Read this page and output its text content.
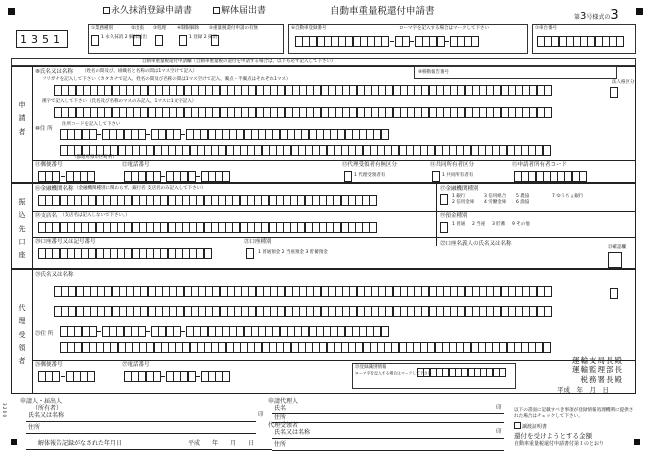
永久抹消登録申請書	解体届出書	自動車重量税還付申請書
第3号様式の3
1351
①業務種別	②出張 ③処理 ④制限解除 ⑤重量税還付申請の有無
1 永久抹消 2 解体届出	1 登録 2 抹消
⑥自動車登録番号	ローマ字を記入する場合はマークして下さい	⑦車台番号
自動車重量税還付申請欄（自動車重量税の還付を申請する場合は、以下も必ず記入して下さい）
申
請
者
⑧氏名又は名称 （姓名の間及び、組織名と名称の間は1マス空けて記入）
フリガナを記入して下さい（カタカナで記入、姓名の間及び名称の間は1マス空けて記入、濁点・半濁点はそれぞれ1マス）
漢字で記入して下さい（氏名及び名称のマスのみ記入、1マスに1文字記入）
⑨移動報告番号
法人格区分
⑩住 所
住所コードを記入して下さい
（都道府県市区町村）
⑪郵便番号	⑫電話番号	⑬代理受領者有無区分
1 代理受領者有
⑭共同所有者区分
1 共同所有者有
⑮申請者所有者コード
振
込
先
口
座
⑯金融機関名称 （金融機関種別に関わらず、銀行名 支店名のみ記入して下さい）	⑰金融機関種別
1 銀行
2 信用金庫
3 信用組合
4 労働金庫
5 農協
6 漁協
7 ゆうちょ銀行
⑱支店名 （支店名は記入しないで下さい。）	⑲預金種別
1 普通 2 当座 3 貯蓄 9 その他
⑳口座番号又は記号番号	㉑口座種別
1 普通預金 2 当座預金 3 貯蓄預金
㉒口座名義人の氏名又は名称
㉓確認欄
代
理
受
領
者
㉔氏名又は名称
㉕住 所
㉖郵便番号	㉗電話番号	㉘登録識別情報
ローマ字を記入する場合はマークして下さい
運輸支局長殿
運輸監理部長
税務署長殿
平成　年　月　日
申請人・届出人
（所有者）
氏名又は名称
住所
印
解体報告記録がなされた年月日	平成　　年　　月　　日
3 2 0 0
申請代理人
氏名
住所
代理受領者
氏名又は名称
住所
印
印
以下の書面に記載すべき事項が登録情報処理機関に提供された場合はチェックして下さい。
譲渡証明書
還付を受けようとする金額
自動車重量税還付申請書付第１のとおり
